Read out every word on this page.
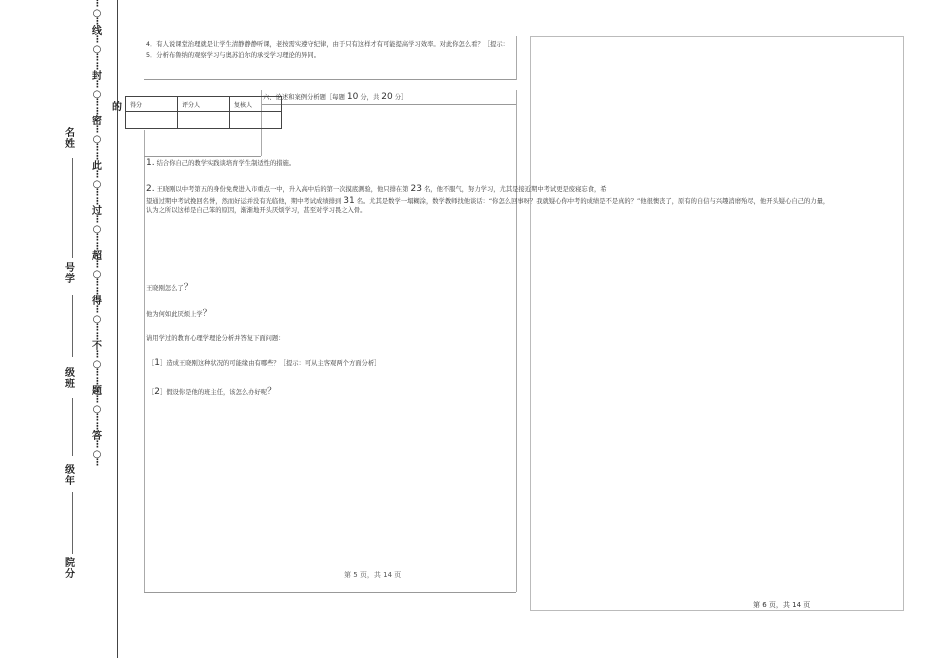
名姓
号学
级班
级年
院分
⋮
○
⋮
线
⋮
○
⋮
⋮
封
⋮
○
⋮
⋮
密
⋮
○
⋮
⋮
此
⋮
○
⋮
⋮
过
⋮
○
⋮
⋮
超
⋮
○
⋮
⋮
得
⋮
○
⋮
⋮
不
⋮
○
⋮
⋮
题
⋮
○
⋮
⋮
答
⋮
○
⋮
4．有人说课堂治理就是让学生清静静静听课，老按需实遵守纪律，由于只有这样才有可能提高学习效率。对此你怎么看？［提示：
5．分析布鲁纳的观察学习与奥苏泊尔的承受学习理论的异同。
的 得分	评分人	复核人

六、论述和案例分析题［每题 10 分，共 20 分］
1. 结合你自己的教学实践谈培育学生制适性的措施。
2. 王晓刚以中考第五的身份免费进入市重点一中，升入高中后的第一次摸底测验，他只排在第 23 名，他不服气，努力学习，尤其是接近期中考试更是废寝忘食，希
望通过期中考试挽回名誉，然而好运并没有光临他，期中考试成绩排到 31 名。尤其是数学一塌糊涂，数学教师找他谈话：“你怎么回事呀？我就疑心你中考的成绩是不是真的？”他很懊丧了，原有的自信与兴趣消磨殆尽，他开头疑心自己的力量，
认为之所以这样是自己笨的原因，渐渐地开头厌烦学习，甚至对学习畏之入骨。
王晓刚怎么了？
他为何如此厌烦上学？
请用学过的教育心理学理论分析并答复下面问题：
［1］造成王晓刚这种状况的可能缘由有哪些？［提示：可从主客观两个方面分析］
［2］假设你是他的班主任，该怎么办好呢？
第 5 页，共 14 页
第 6 页，共 14 页
